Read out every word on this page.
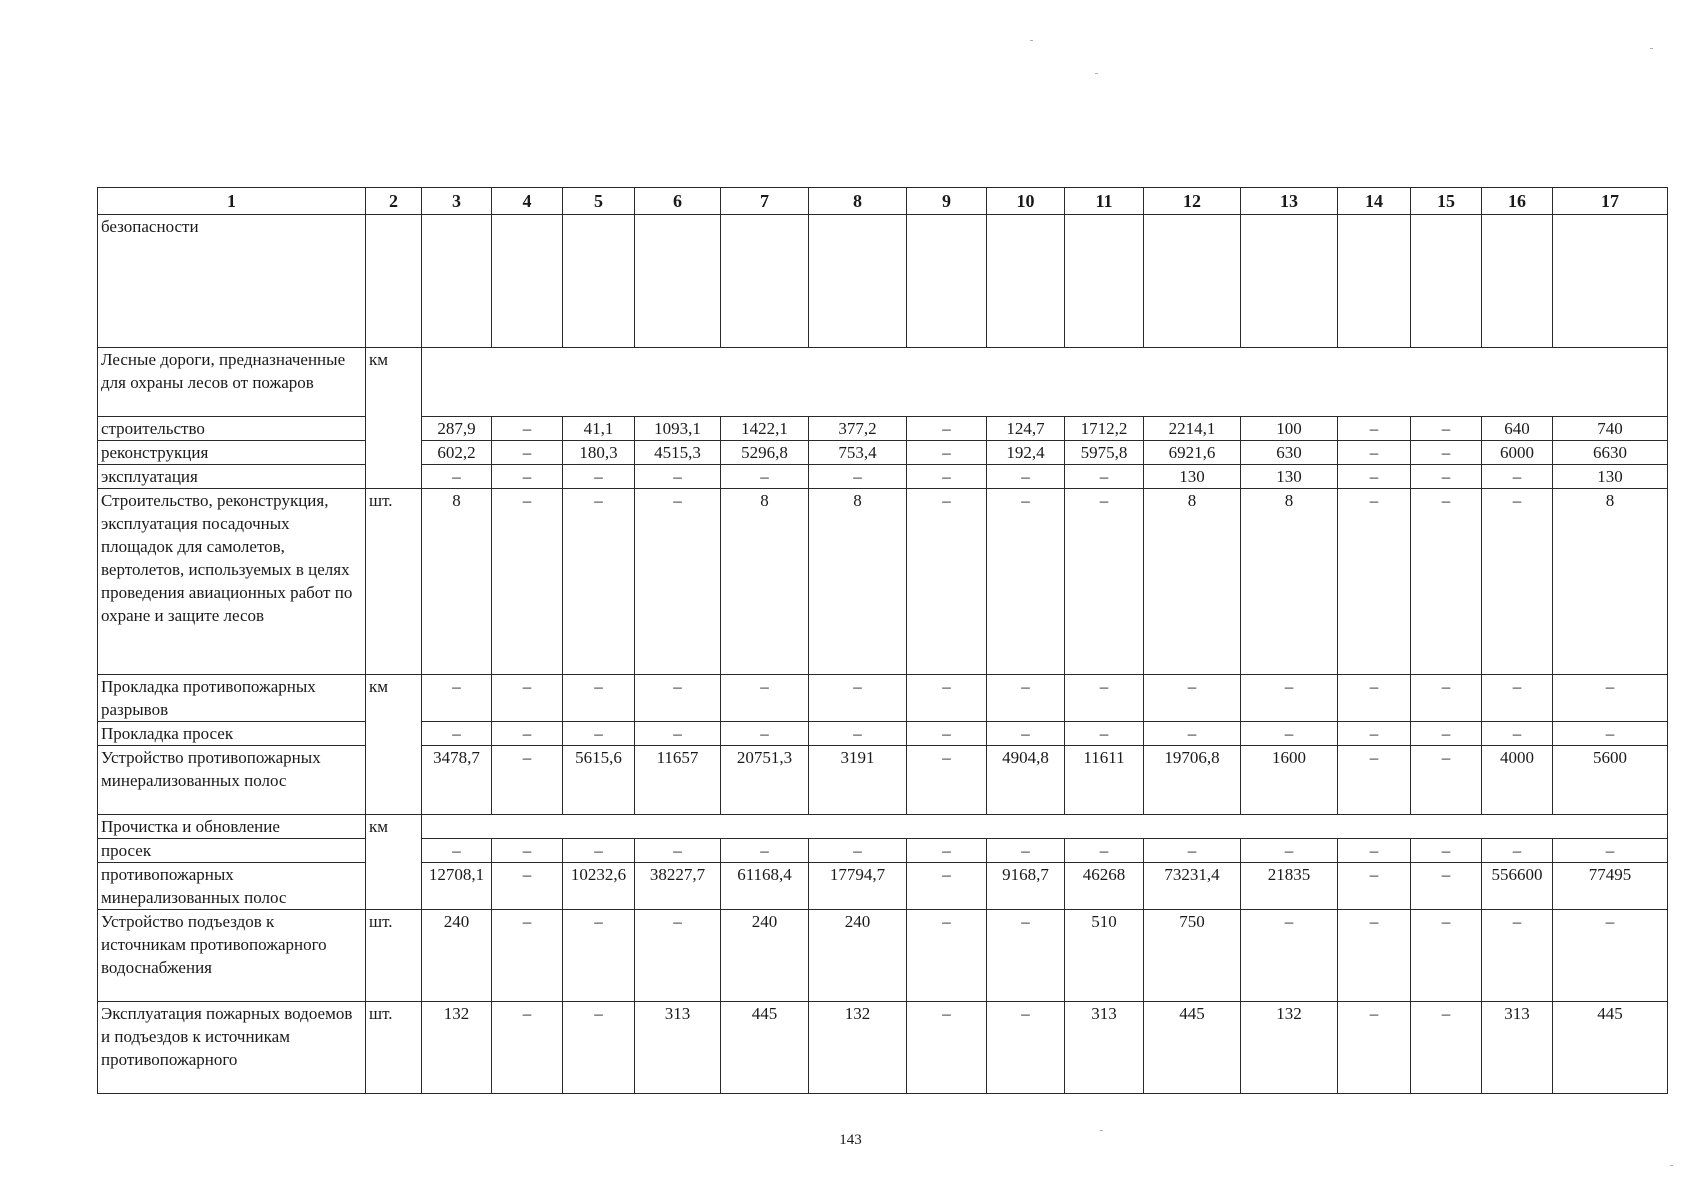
1	2	3	4	5	6	7	8	9	10	11	12	13	14	15	16	17
безопасности																
Лесные дороги, предназначенные для охраны лесов от пожаров	км															
строительство		287,9	–	41,1	1093,1	1422,1	377,2	–	124,7	1712,2	2214,1	100	–	–	640	740
реконструкция		602,2	–	180,3	4515,3	5296,8	753,4	–	192,4	5975,8	6921,6	630	–	–	6000	6630
эксплуатация		–	–	–	–	–	–	–	–	–	130	130	–	–	–	130
Строительство, реконструкция, эксплуатация посадочных площадок для самолетов, вертолетов, используемых в целях проведения авиационных работ по охране и защите лесов	шт.	8	–	–	–	8	8	–	–	–	8	8	–	–	–	8
Прокладка противопожарных разрывов	км	–	–	–	–	–	–	–	–	–	–	–	–	–	–	–
Прокладка просек		–	–	–	–	–	–	–	–	–	–	–	–	–	–	–
Устройство противопожарных минерализованных полос		3478,7	–	5615,6	11657	20751,3	3191	–	4904,8	11611	19706,8	1600	–	–	4000	5600
Прочистка и обновление	км															
просек		–	–	–	–	–	–	–	–	–	–	–	–	–	–	–
противопожарных минерализованных полос		12708,1	–	10232,6	38227,7	61168,4	17794,7	–	9168,7	46268	73231,4	21835	–	–	556600	77495
Устройство подъездов к источникам противопожарного водоснабжения	шт.	240	–	–	–	240	240	–	–	510	750	–	–	–	–	–
Эксплуатация пожарных водоемов и подъездов к источникам противопожарного	шт.	132	–	–	313	445	132	–	–	313	445	132	–	–	313	445
143
